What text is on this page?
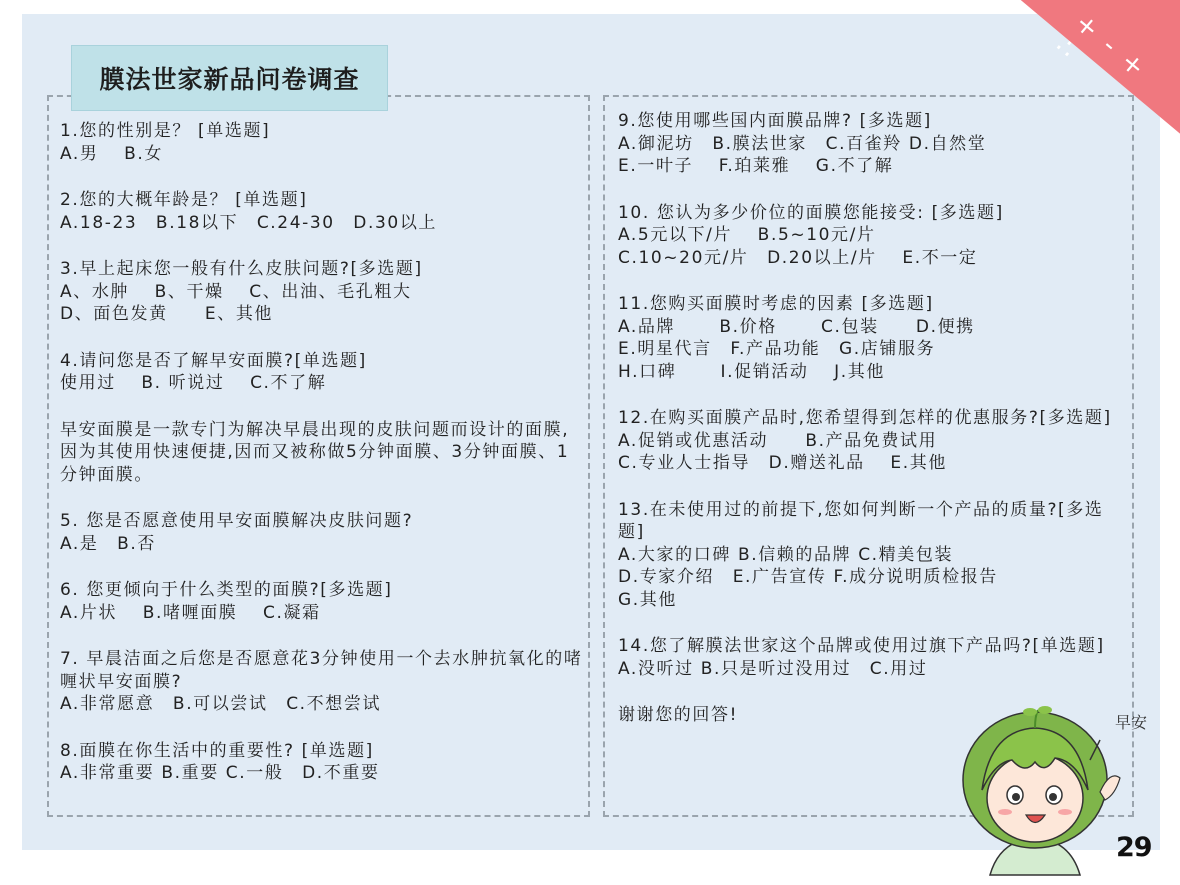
膜法世家新品问卷调查

1.您的性别是？ [单选题]

A.男　 B.女

2.您的大概年龄是？ [单选题]

A.18-23　B.18以下　C.24-30　D.30以上

3.早上起床您一般有什么皮肤问题?[多选题]

A、水肿　 B、干燥　 C、出油、毛孔粗大

D、面色发黄　　E、其他

4.请问您是否了解早安面膜?[单选题]

使用过　 B. 听说过　 C.不了解

早安面膜是一款专门为解决早晨出现的皮肤问题而设计的面膜,因为其使用快速便捷,因而又被称做5分钟面膜、3分钟面膜、1分钟面膜。

5. 您是否愿意使用早安面膜解决皮肤问题?

A.是　B.否

6. 您更倾向于什么类型的面膜?[多选题]

A.片状　 B.啫喱面膜　 C.凝霜

7. 早晨洁面之后您是否愿意花3分钟使用一个去水肿抗氧化的啫喱状早安面膜?

A.非常愿意　B.可以尝试　C.不想尝试

8.面膜在你生活中的重要性? [单选题]

A.非常重要 B.重要 C.一般　D.不重要

9.您使用哪些国内面膜品牌? [多选题]

A.御泥坊　B.膜法世家　C.百雀羚 D.自然堂

E.一叶子　 F.珀莱雅　 G.不了解

10. 您认为多少价位的面膜您能接受: [多选题]

A.5元以下/片　 B.5~10元/片

C.10~20元/片　D.20以上/片　 E.不一定

11.您购买面膜时考虑的因素 [多选题]

A.品牌　　 B.价格　　 C.包装　　D.便携

E.明星代言　F.产品功能　G.店铺服务

H.口碑　　 I.促销活动　 J.其他

12.在购买面膜产品时,您希望得到怎样的优惠服务?[多选题]

A.促销或优惠活动　　B.产品免费试用

C.专业人士指导　D.赠送礼品　 E.其他

13.在未使用过的前提下,您如何判断一个产品的质量?[多选题]

A.大家的口碑 B.信赖的品牌 C.精美包装

D.专家介绍　E.广告宣传 F.成分说明质检报告

G.其他

14.您了解膜法世家这个品牌或使用过旗下产品吗?[单选题]

A.没听过 B.只是听过没用过　C.用过

谢谢您的回答!

+ - + ∴
早安
29
